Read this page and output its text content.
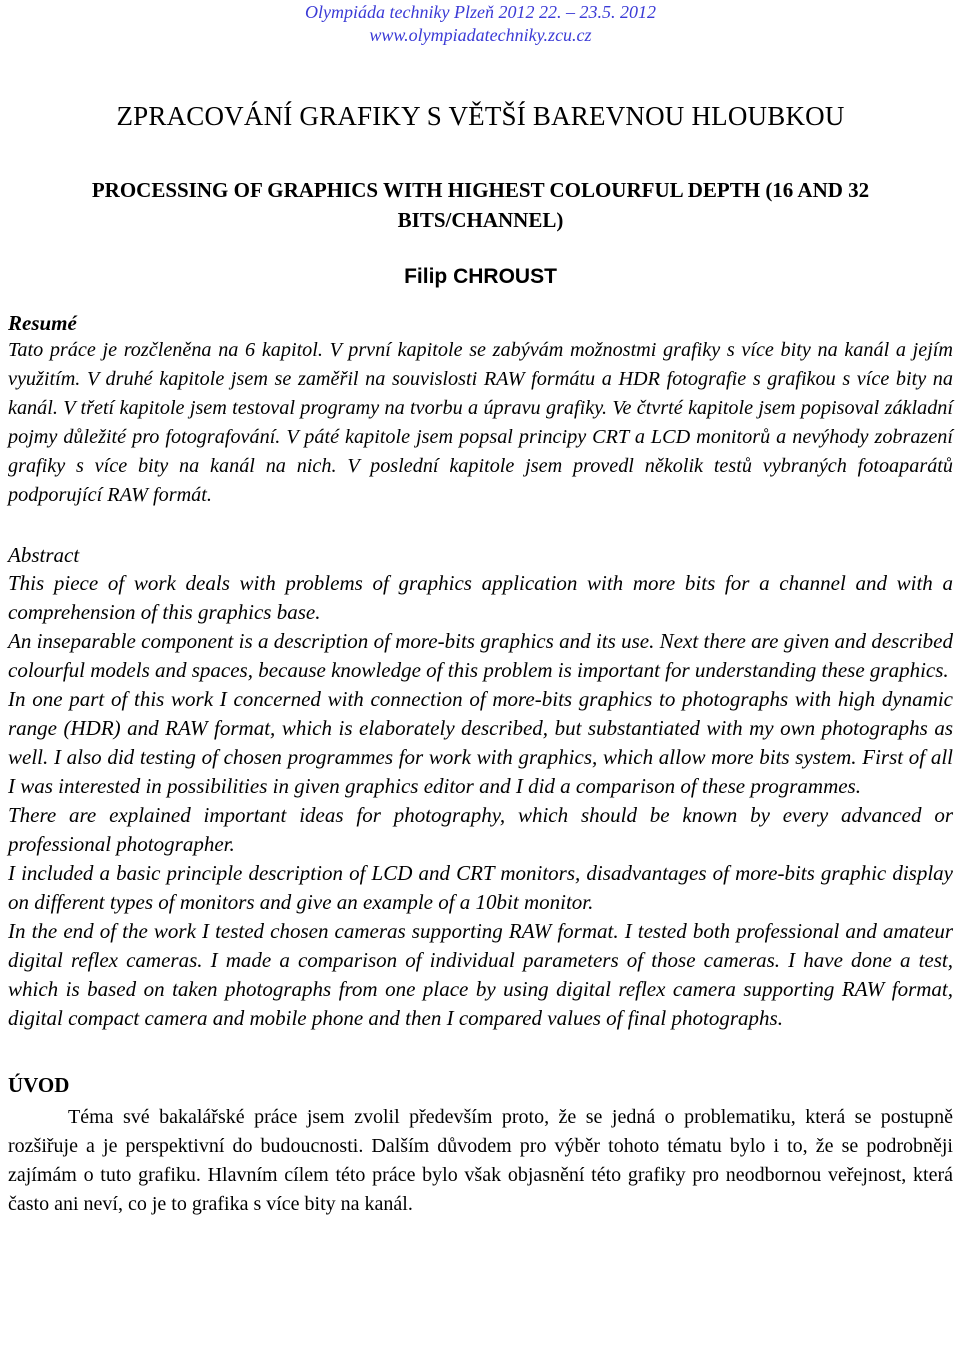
Olympiáda techniky Plzeň 2012 22. – 23.5. 2012
www.olympiadatechniky.zcu.cz
ZPRACOVÁNÍ GRAFIKY S VĚTŠÍ BAREVNOU HLOUBKOU
PROCESSING OF GRAPHICS WITH HIGHEST COLOURFUL DEPTH (16 AND 32 BITS/CHANNEL)
Filip CHROUST
Resumé

Tato práce je rozčleněna na 6 kapitol. V první kapitole se zabývám možnostmi grafiky s více bity na kanál a jejím využitím. V druhé kapitole jsem se zaměřil na souvislosti RAW formátu a HDR fotografie s grafikou s více bity na kanál. V třetí kapitole jsem testoval programy na tvorbu a úpravu grafiky. Ve čtvrté kapitole jsem popisoval základní pojmy důležité pro fotografování. V páté kapitole jsem popsal principy CRT a LCD monitorů a nevýhody zobrazení grafiky s více bity na kanál na nich. V poslední kapitole jsem provedl několik testů vybraných fotoaparátů podporující RAW formát.

Abstract

This piece of work deals with problems of graphics application with more bits for a channel and with a comprehension of this graphics base.

An inseparable component is a description of more-bits graphics and its use. Next there are given and described colourful models and spaces, because knowledge of this problem is important for understanding these graphics.

In one part of this work I concerned with connection of more-bits graphics to photographs with high dynamic range (HDR) and RAW format, which is elaborately described, but substantiated with my own photographs as well. I also did testing of chosen programmes for work with graphics, which allow more bits system. First of all I was interested in possibilities in given graphics editor and I did a comparison of these programmes.

There are explained important ideas for photography, which should be known by every advanced or professional photographer.

I included a basic principle description of LCD and CRT monitors, disadvantages of more-bits graphic display on different types of monitors and give an example of a 10bit monitor.

In the end of the work I tested chosen cameras supporting RAW format. I tested both professional and amateur digital reflex cameras. I made a comparison of individual parameters of those cameras. I have done a test, which is based on taken photographs from one place by using digital reflex camera supporting RAW format, digital compact camera and mobile phone and then I compared values of final photographs.

ÚVOD

Téma své bakalářské práce jsem zvolil především proto, že se jedná o problematiku, která se postupně rozšiřuje a je perspektivní do budoucnosti. Dalším důvodem pro výběr tohoto tématu bylo i to, že se podrobněji zajímám o tuto grafiku. Hlavním cílem této práce bylo však objasnění této grafiky pro neodbornou veřejnost, která často ani neví, co je to grafika s více bity na kanál.
